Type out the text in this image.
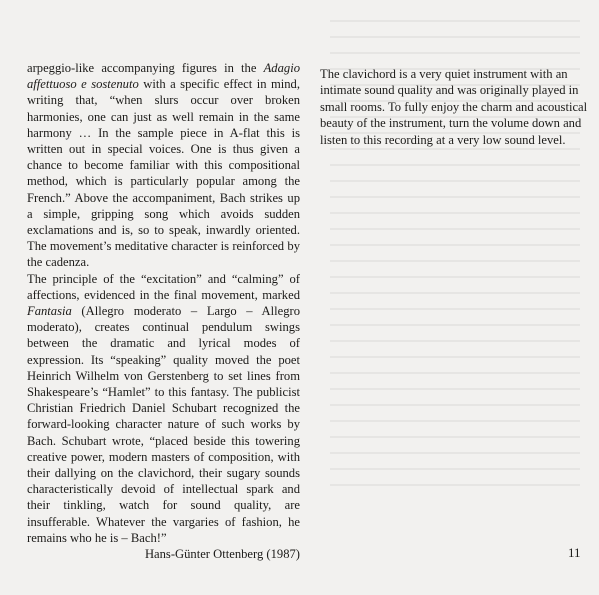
arpeggio-like accompanying figures in the Adagio affettuoso e sostenuto with a specific effect in mind, writing that, “when slurs occur over broken harmonies, one can just as well remain in the same harmony … In the sample piece in A-flat this is written out in special voices. One is thus given a chance to become familiar with this compositional method, which is particularly popular among the French.” Above the accompaniment, Bach strikes up a simple, gripping song which avoids sudden exclamations and is, so to speak, inwardly oriented. The movement’s meditative character is reinforced by the cadenza.

The principle of the “excitation” and “calming” of affections, evidenced in the final movement, marked Fantasia (Allegro moderato – Largo – Allegro moderato), creates continual pendulum swings between the dramatic and lyrical modes of expression. Its “speaking” quality moved the poet Heinrich Wilhelm von Gerstenberg to set lines from Shakespeare’s “Hamlet” to this fantasy. The publicist Christian Friedrich Daniel Schubart recognized the forward-looking character nature of such works by Bach. Schubart wrote, “placed beside this towering creative power, modern masters of composition, with their dallying on the clavichord, their sugary sounds characteristically devoid of intellectual spark and their tinkling, watch for sound quality, are insufferable. Whatever the vargaries of fashion, he remains who he is – Bach!”

Hans-Günter Ottenberg (1987)

The clavichord is a very quiet instrument with an intimate sound quality and was originally played in small rooms. To fully enjoy the charm and acoustical beauty of the instrument, turn the volume down and listen to this recording at a very low sound level.

11
